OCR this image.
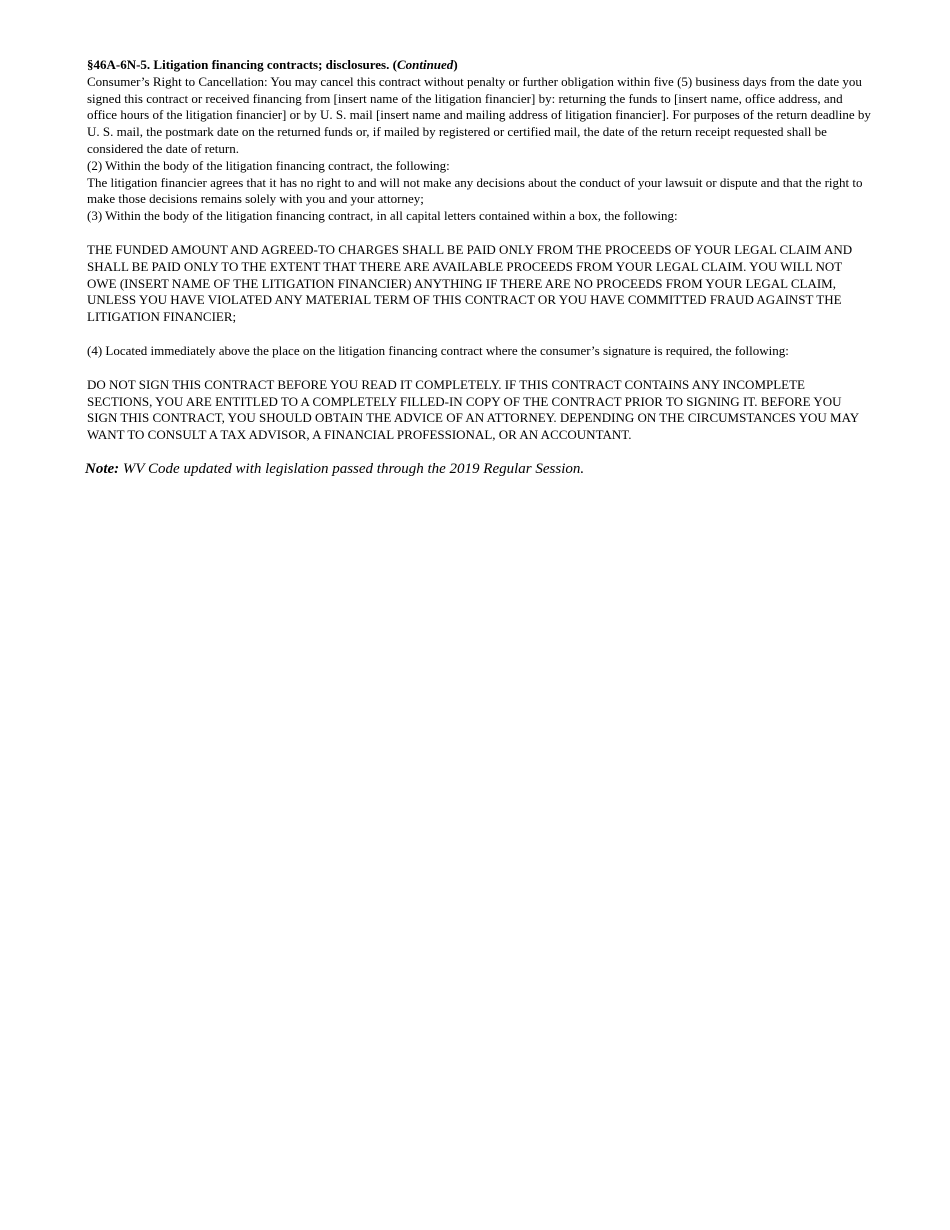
§46A-6N-5. Litigation financing contracts; disclosures. (Continued)

Consumer’s Right to Cancellation: You may cancel this contract without penalty or further obligation within five (5) business days from the date you signed this contract or received financing from [insert name of the litigation financier] by: returning the funds to [insert name, office address, and office hours of the litigation financier] or by U. S. mail [insert name and mailing address of litigation financier]. For purposes of the return deadline by U. S. mail, the postmark date on the returned funds or, if mailed by registered or certified mail, the date of the return receipt requested shall be considered the date of return.

(2) Within the body of the litigation financing contract, the following:

The litigation financier agrees that it has no right to and will not make any decisions about the conduct of your lawsuit or dispute and that the right to make those decisions remains solely with you and your attorney;

(3) Within the body of the litigation financing contract, in all capital letters contained within a box, the following:

THE FUNDED AMOUNT AND AGREED-TO CHARGES SHALL BE PAID ONLY FROM THE PROCEEDS OF YOUR LEGAL CLAIM AND SHALL BE PAID ONLY TO THE EXTENT THAT THERE ARE AVAILABLE PROCEEDS FROM YOUR LEGAL CLAIM. YOU WILL NOT OWE (INSERT NAME OF THE LITIGATION FINANCIER) ANYTHING IF THERE ARE NO PROCEEDS FROM YOUR LEGAL CLAIM, UNLESS YOU HAVE VIOLATED ANY MATERIAL TERM OF THIS CONTRACT OR YOU HAVE COMMITTED FRAUD AGAINST THE LITIGATION FINANCIER;

(4) Located immediately above the place on the litigation financing contract where the consumer’s signature is required, the following:

DO NOT SIGN THIS CONTRACT BEFORE YOU READ IT COMPLETELY. IF THIS CONTRACT CONTAINS ANY INCOMPLETE SECTIONS, YOU ARE ENTITLED TO A COMPLETELY FILLED-IN COPY OF THE CONTRACT PRIOR TO SIGNING IT. BEFORE YOU SIGN THIS CONTRACT, YOU SHOULD OBTAIN THE ADVICE OF AN ATTORNEY. DEPENDING ON THE CIRCUMSTANCES YOU MAY WANT TO CONSULT A TAX ADVISOR, A FINANCIAL PROFESSIONAL, OR AN ACCOUNTANT.

Note: WV Code updated with legislation passed through the 2019 Regular Session.
